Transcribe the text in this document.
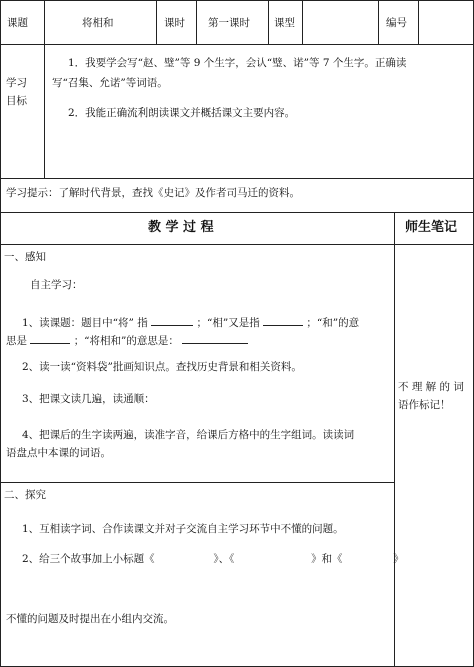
课题	将相和	课时 第一课时 课型	编号
学习
目标
1．我要学会写“赵、璧”等 9 个生字，会认“璧、诺”等 7 个生字。正确读
写“召集、允诺”等词语。
2．我能正确流利朗读课文并概括课文主要内容。
学习提示：了解时代背景，查找《史记》及作者司马迁的资料。
教 学 过 程	师生笔记
一、感知
自主学习：
1、读课题：题目中“将” 指	；“相”又是指	；“和”的意
思是	；“将相和”的意思是：
2、读一读“资料袋”批画知识点。查找历史背景和相关资料。
3、把课文读几遍，读通顺：
4、把课后的生字读两遍，读准字音，给课后方格中的生字组词。读读词
语盘点中本课的词语。
不 理 解 的 词
语作标记！
二、探究
1、互相读字词、合作读课文并对子交流自主学习环节中不懂的问题。
2、给三个故事加上小标题《	》、《	》和《	》
不懂的问题及时提出在小组内交流。
